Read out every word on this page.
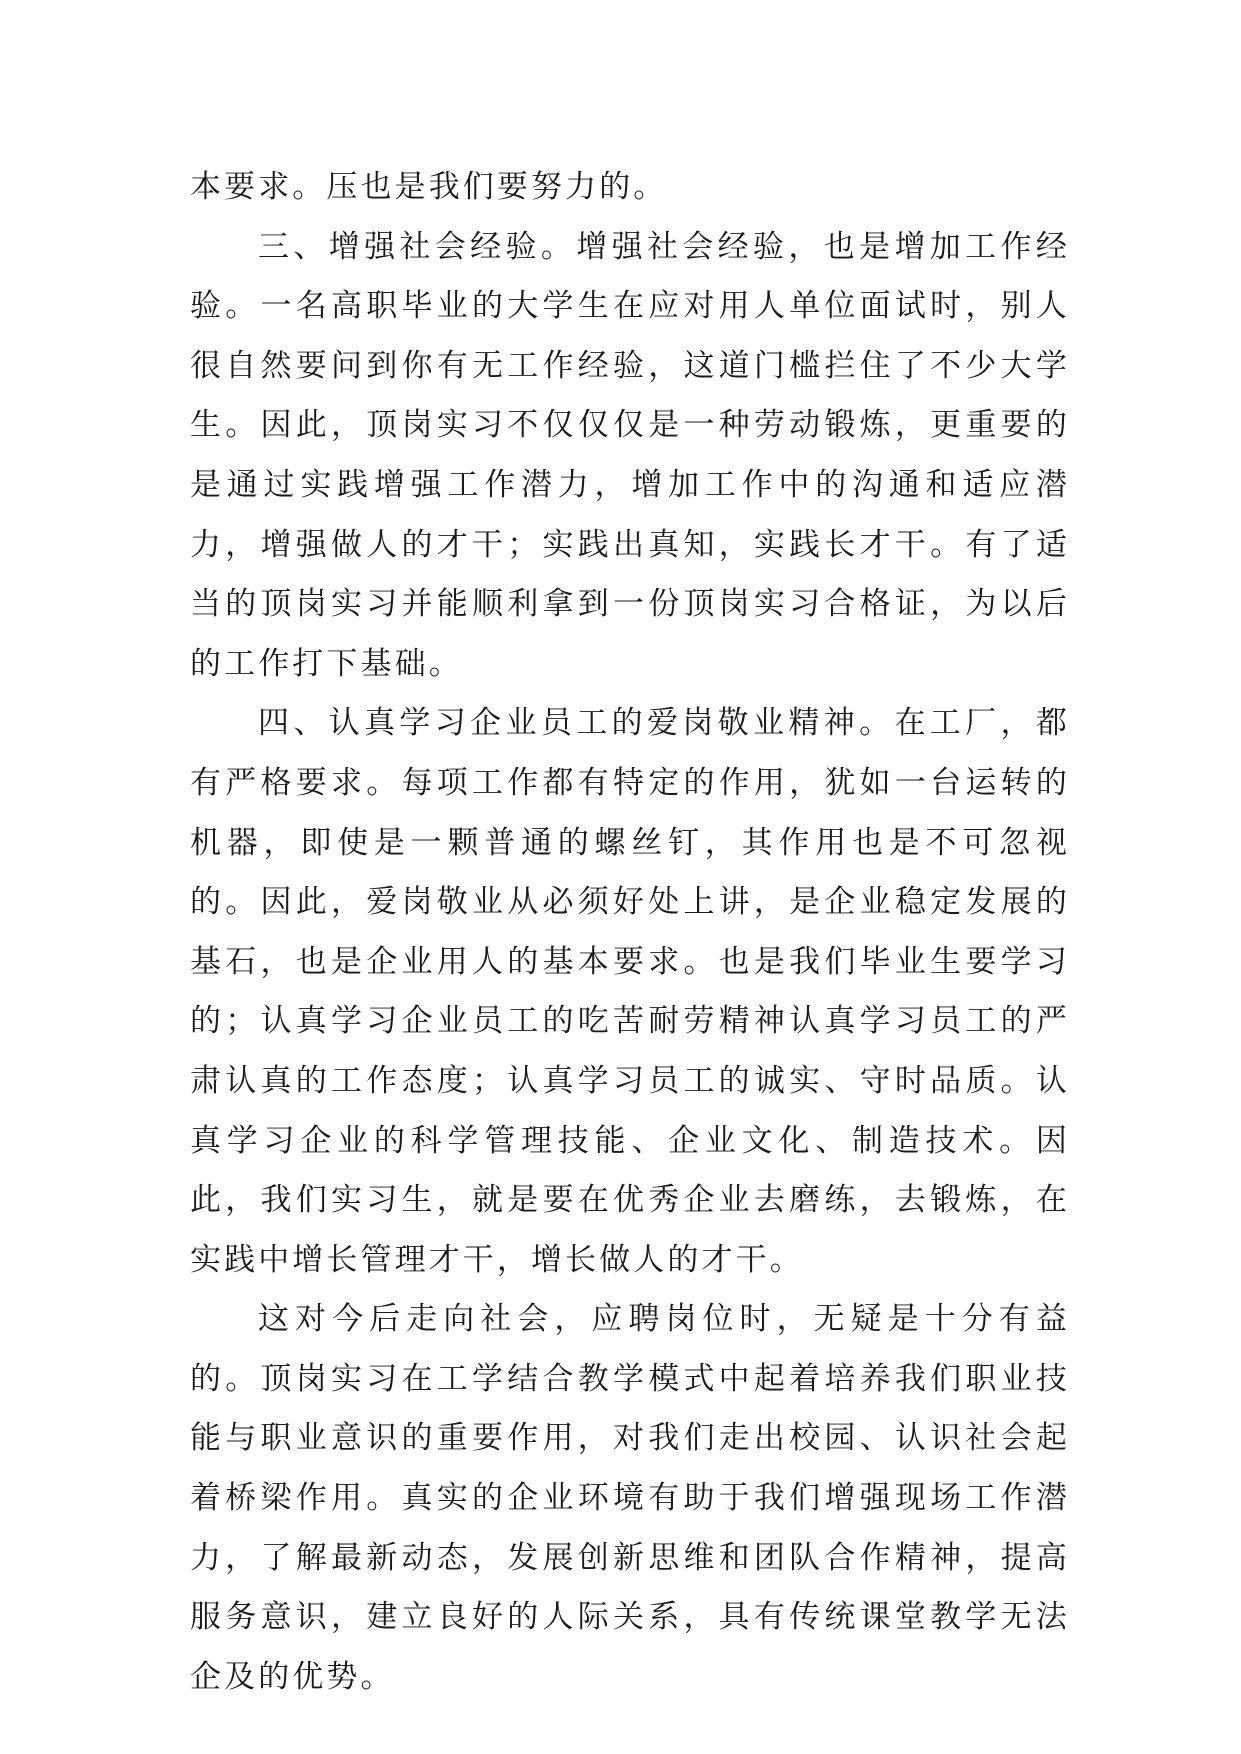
本要求。压也是我们要努力的。

三、增强社会经验。增强社会经验，也是增加工作经验。一名高职毕业的大学生在应对用人单位面试时，别人很自然要问到你有无工作经验，这道门槛拦住了不少大学生。因此，顶岗实习不仅仅仅是一种劳动锻炼，更重要的是通过实践增强工作潜力，增加工作中的沟通和适应潜力，增强做人的才干；实践出真知，实践长才干。有了适当的顶岗实习并能顺利拿到一份顶岗实习合格证，为以后的工作打下基础。

四、认真学习企业员工的爱岗敬业精神。在工厂，都有严格要求。每项工作都有特定的作用，犹如一台运转的机器，即使是一颗普通的螺丝钉，其作用也是不可忽视的。因此，爱岗敬业从必须好处上讲，是企业稳定发展的基石，也是企业用人的基本要求。也是我们毕业生要学习的；认真学习企业员工的吃苦耐劳精神认真学习员工的严肃认真的工作态度；认真学习员工的诚实、守时品质。认真学习企业的科学管理技能、企业文化、制造技术。因此，我们实习生，就是要在优秀企业去磨练，去锻炼，在实践中增长管理才干，增长做人的才干。

这对今后走向社会，应聘岗位时，无疑是十分有益的。顶岗实习在工学结合教学模式中起着培养我们职业技能与职业意识的重要作用，对我们走出校园、认识社会起着桥梁作用。真实的企业环境有助于我们增强现场工作潜力，了解最新动态，发展创新思维和团队合作精神，提高服务意识，建立良好的人际关系，具有传统课堂教学无法企及的优势。
